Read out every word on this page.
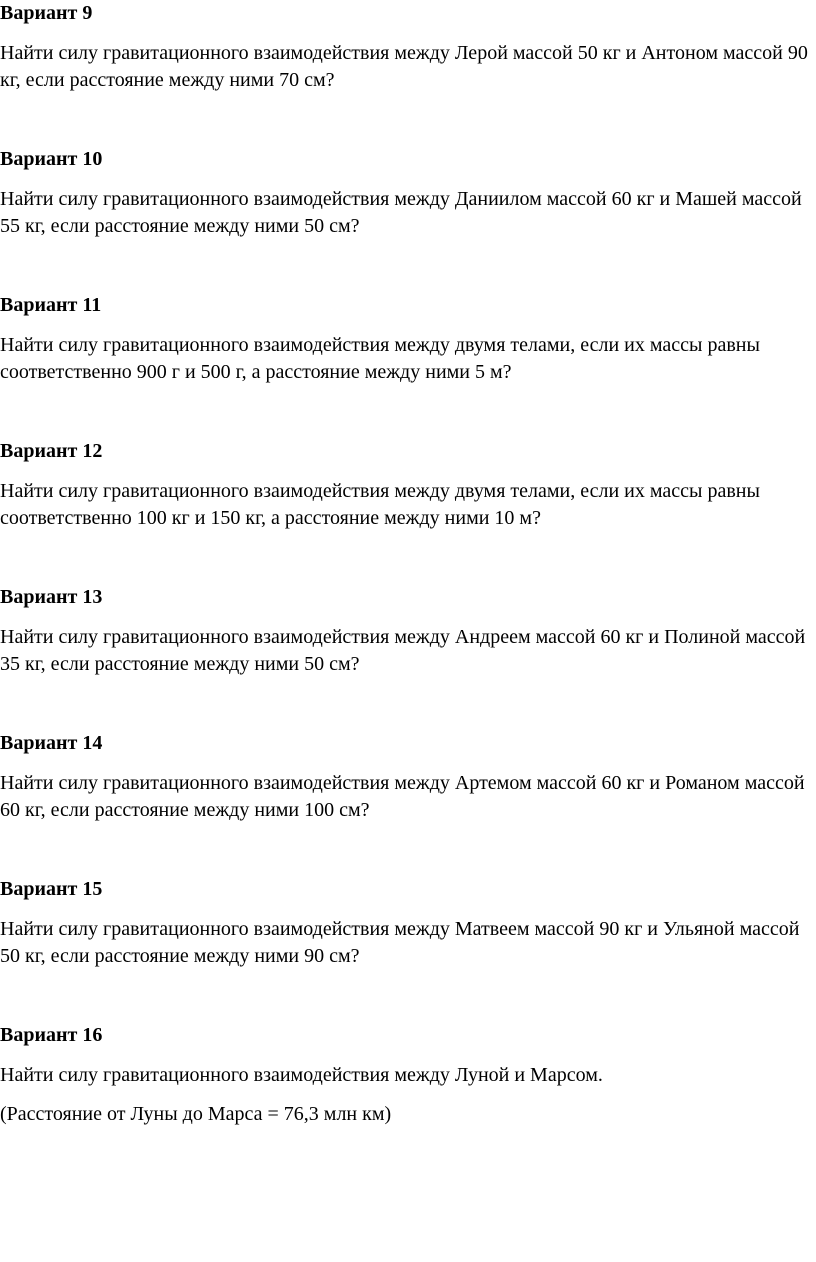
Вариант 9

Найти силу гравитационного взаимодействия между Лерой массой 50 кг и Антоном массой 90 кг, если расстояние между ними 70 см?

Вариант 10

Найти силу гравитационного взаимодействия между Даниилом массой 60 кг и Машей массой 55 кг, если расстояние между ними 50 см?

Вариант 11

Найти силу гравитационного взаимодействия между двумя телами, если их массы равны соответственно 900 г и 500 г, а расстояние между ними 5 м?

Вариант 12

Найти силу гравитационного взаимодействия между двумя телами, если их массы равны соответственно 100 кг и 150 кг, а расстояние между ними 10 м?

Вариант 13

Найти силу гравитационного взаимодействия между Андреем массой 60 кг и Полиной массой 35 кг, если расстояние между ними 50 см?

Вариант 14

Найти силу гравитационного взаимодействия между Артемом массой 60 кг и Романом массой 60 кг, если расстояние между ними 100 см?

Вариант 15

Найти силу гравитационного взаимодействия между Матвеем массой 90 кг и Ульяной массой 50 кг, если расстояние между ними 90 см?

Вариант 16

Найти силу гравитационного взаимодействия между Луной и Марсом.

(Расстояние от Луны до Марса = 76,3 млн км)
